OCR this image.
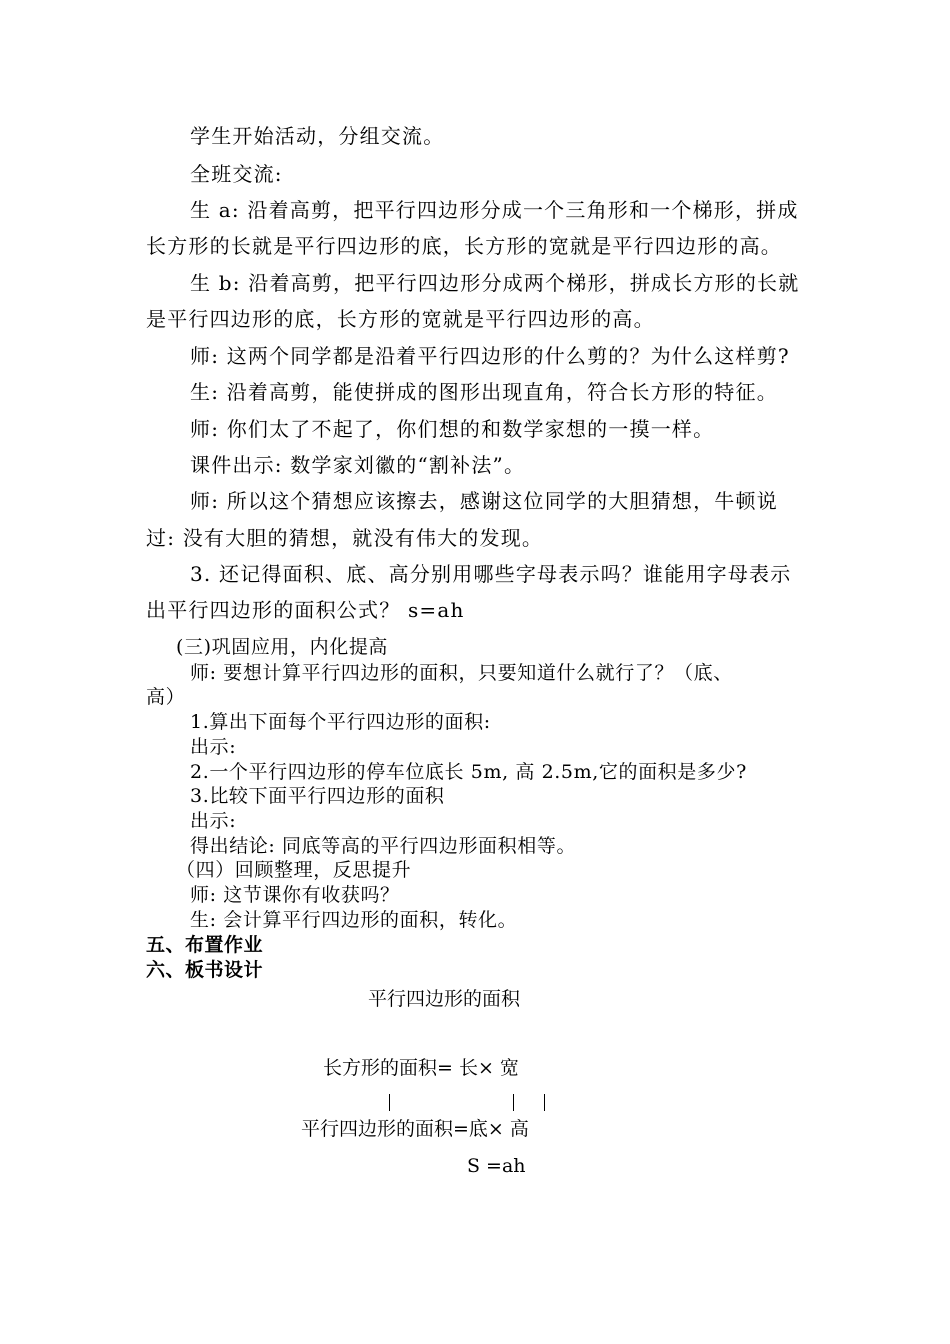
学生开始活动，分组交流。
全班交流:
生 a: 沿着高剪，把平行四边形分成一个三角形和一个梯形，拼成
长方形的长就是平行四边形的底，长方形的宽就是平行四边形的高。
生 b: 沿着高剪，把平行四边形分成两个梯形，拼成长方形的长就
是平行四边形的底，长方形的宽就是平行四边形的高。
师: 这两个同学都是沿着平行四边形的什么剪的？为什么这样剪?
生: 沿着高剪，能使拼成的图形出现直角，符合长方形的特征。
师: 你们太了不起了，你们想的和数学家想的一摸一样。
课件出示: 数学家刘徽的“割补法”。
师: 所以这个猜想应该擦去，感谢这位同学的大胆猜想，牛顿说
过: 没有大胆的猜想，就没有伟大的发现。
3. 还记得面积、底、高分别用哪些字母表示吗？谁能用字母表示
出平行四边形的面积公式？ s=ah
(三)巩固应用，内化提高
师: 要想计算平行四边形的面积，只要知道什么就行了？（底、
高）
1.算出下面每个平行四边形的面积:
出示:
2.一个平行四边形的停车位底长 5m, 高 2.5m,它的面积是多少?
3.比较下面平行四边形的面积
出示:
得出结论: 同底等高的平行四边形面积相等。
（四）回顾整理，反思提升
师: 这节课你有收获吗？
生: 会计算平行四边形的面积，转化。
五、布置作业
六、板书设计
平行四边形的面积
长方形的面积= 长× 宽
平行四边形的面积=底× 高
S =ah
